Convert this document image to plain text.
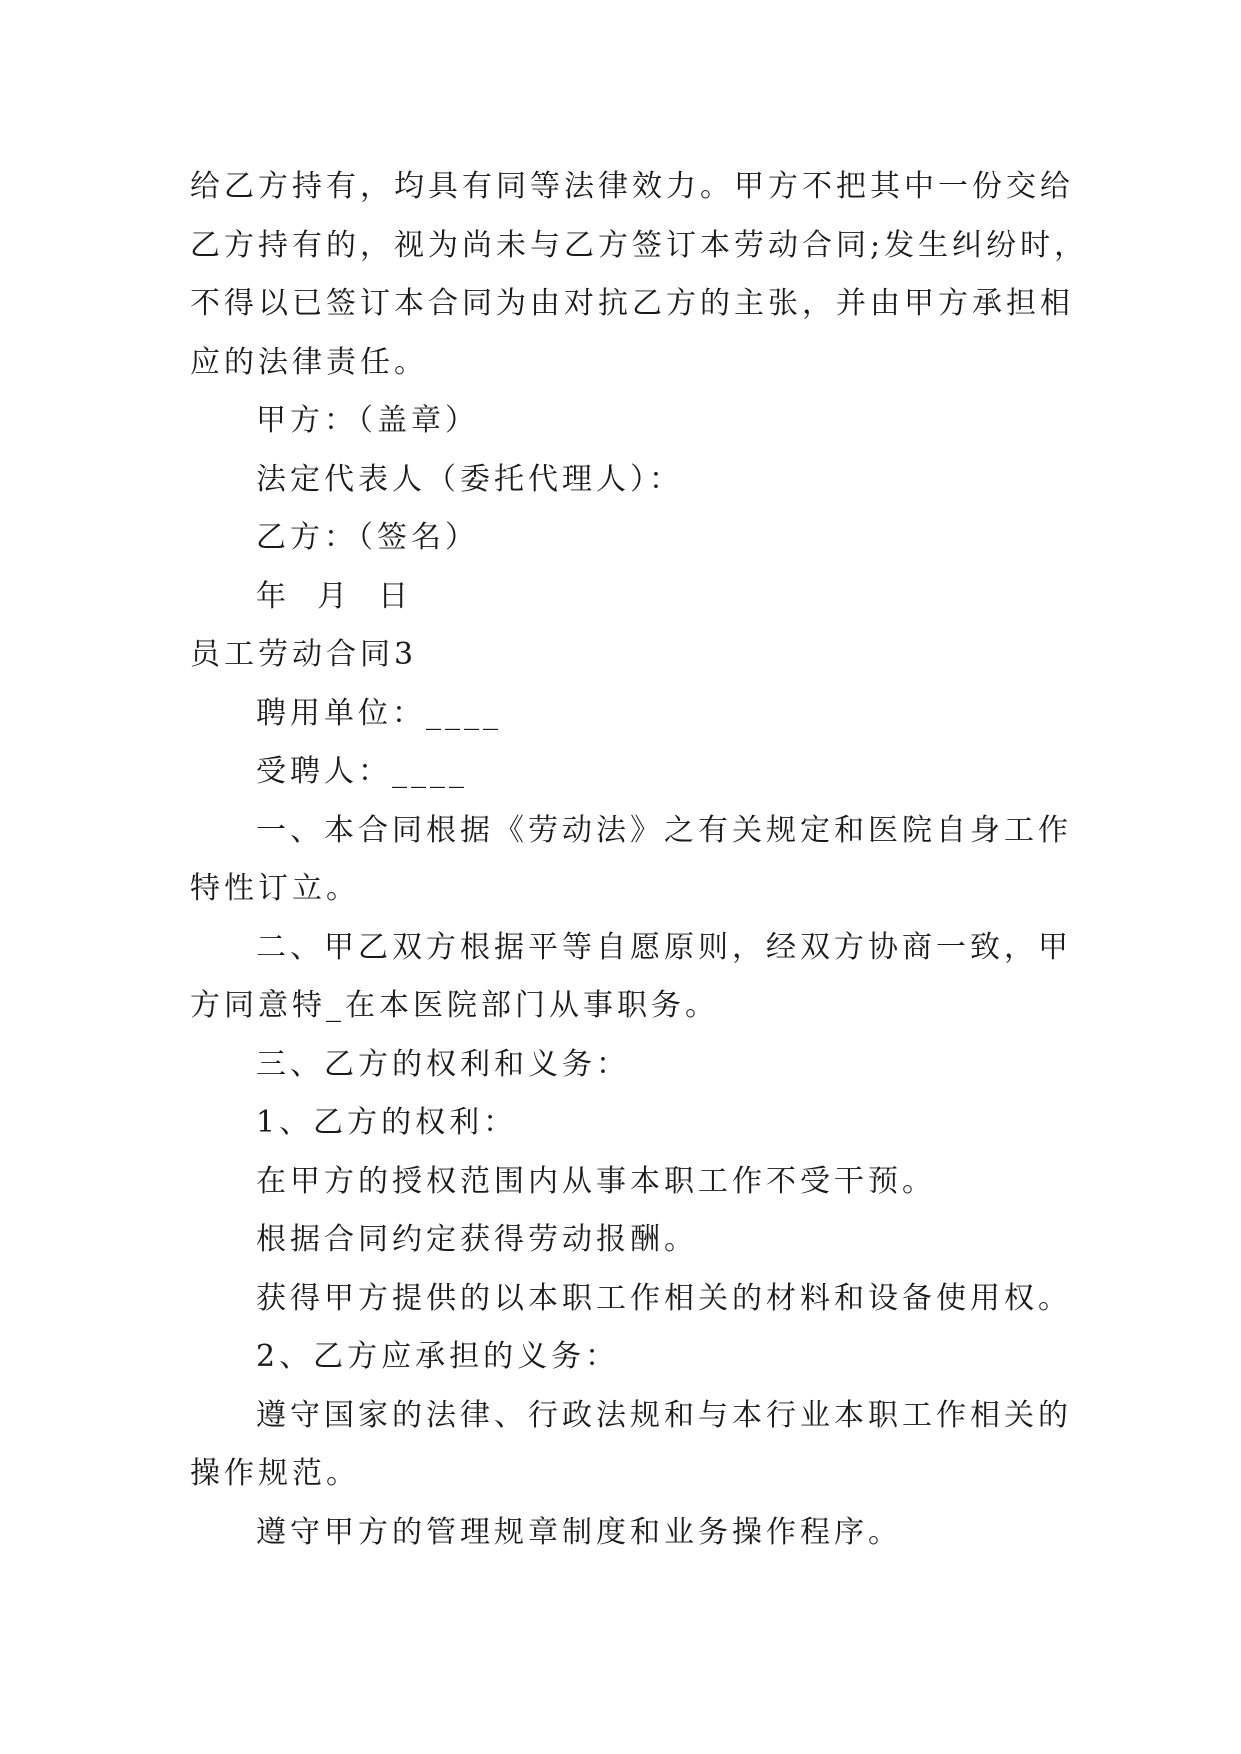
给乙方持有，均具有同等法律效力。甲方不把其中一份交给
乙方持有的，视为尚未与乙方签订本劳动合同;发生纠纷时，
不得以已签订本合同为由对抗乙方的主张，并由甲方承担相
应的法律责任。
甲方：（盖章）
法定代表人（委托代理人）：
乙方：（签名）
年  月  日
员工劳动合同3
聘用单位：____
受聘人：____
一、本合同根据《劳动法》之有关规定和医院自身工作
特性订立。
二、甲乙双方根据平等自愿原则，经双方协商一致，甲
方同意特_在本医院部门从事职务。
三、乙方的权利和义务：
1、乙方的权利：
在甲方的授权范围内从事本职工作不受干预。
根据合同约定获得劳动报酬。
获得甲方提供的以本职工作相关的材料和设备使用权。
2、乙方应承担的义务：
遵守国家的法律、行政法规和与本行业本职工作相关的
操作规范。
遵守甲方的管理规章制度和业务操作程序。
